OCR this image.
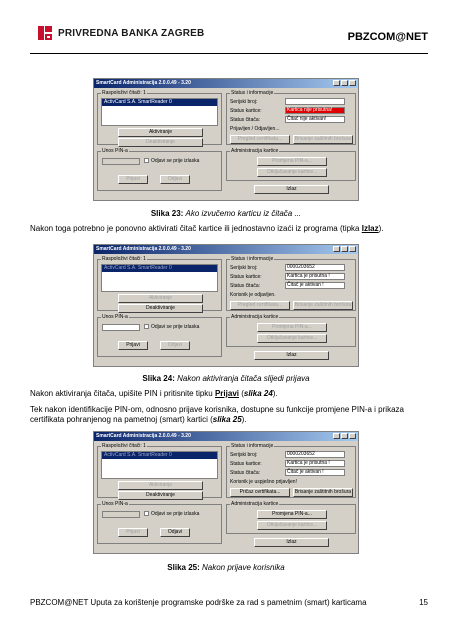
PRIVREDNA BANKA ZAGREB	PBZCOM@NET
SmartCard Administracija 2.0.0.49 - 3.20
Raspoloživi čitači: 1
ActivCard S.A. SmartReader 0
Aktiviranje
Deaktiviranje
Status i informacije
Serijski broj:
Status kartice:	Kartica nije prisutna!
Status čitača:	Čitač nije aktivan!
Prijavljen / Odjavljen...
Pregled certifikata...	Brisanje zaštitnih brošura
Unos PIN-a
Odjavi se prije izlaska
Prijavi	Odjavi
Administracija kartice
Promjena PIN-a...
Otključavanje kartice...
Izlaz
Slika 23: Ako izvučemo karticu iz čitača ...
Nakon toga potrebno je ponovno aktivirati čitač kartice ili jednostavno izaći iz programa (tipka Izlaz).
SmartCard Administracija 2.0.0.49 - 3.20
Raspoloživi čitači: 1
ActivCard S.A. SmartReader 0
Aktiviranje
Deaktiviranje
Status i informacije
Serijski broj:	0000203652
Status kartice:	Kartica je prisutna !
Status čitača:	Čitač je aktivan !
Korisnik je odjavljen.
Pregled certifikata...	Brisanje zaštitnih brošura
Unos PIN-a
Odjavi se prije izlaska
Prijavi	Odjavi
Administracija kartice
Promjena PIN-a...
Otključavanje kartice...
Izlaz
Slika 24: Nakon aktiviranja čitača slijedi prijava
Nakon aktiviranja čitača, upišite PIN i pritisnite tipku Prijavi (slika 24).
Tek nakon identifikacije PIN-om, odnosno prijave korisnika, dostupne su funkcije promjene PIN-a i prikaza certifikata pohranjenog na pametnoj (smart) kartici (slika 25).
SmartCard Administracija 2.0.0.49 - 3.20
Raspoloživi čitači: 1
ActivCard S.A. SmartReader 0
Aktiviranje
Deaktiviranje
Status i informacije
Serijski broj:	0000203652
Status kartice:	Kartica je prisutna !
Status čitača:	Čitač je aktivan !
Korisnik je uspješno prijavljen!
Pričaz certifikata...	Brisanje zaštitnih brošura
Unos PIN-a
Odjavi se prije izlaska
Prijavi	Odjavi
Administracija kartice
Promjena PIN-a...
Otključavanje kartice...
Izlaz
Slika 25: Nakon prijave korisnika
PBZCOM@NET Uputa za korištenje programske podrške za rad s pametnim (smart) karticama	15
